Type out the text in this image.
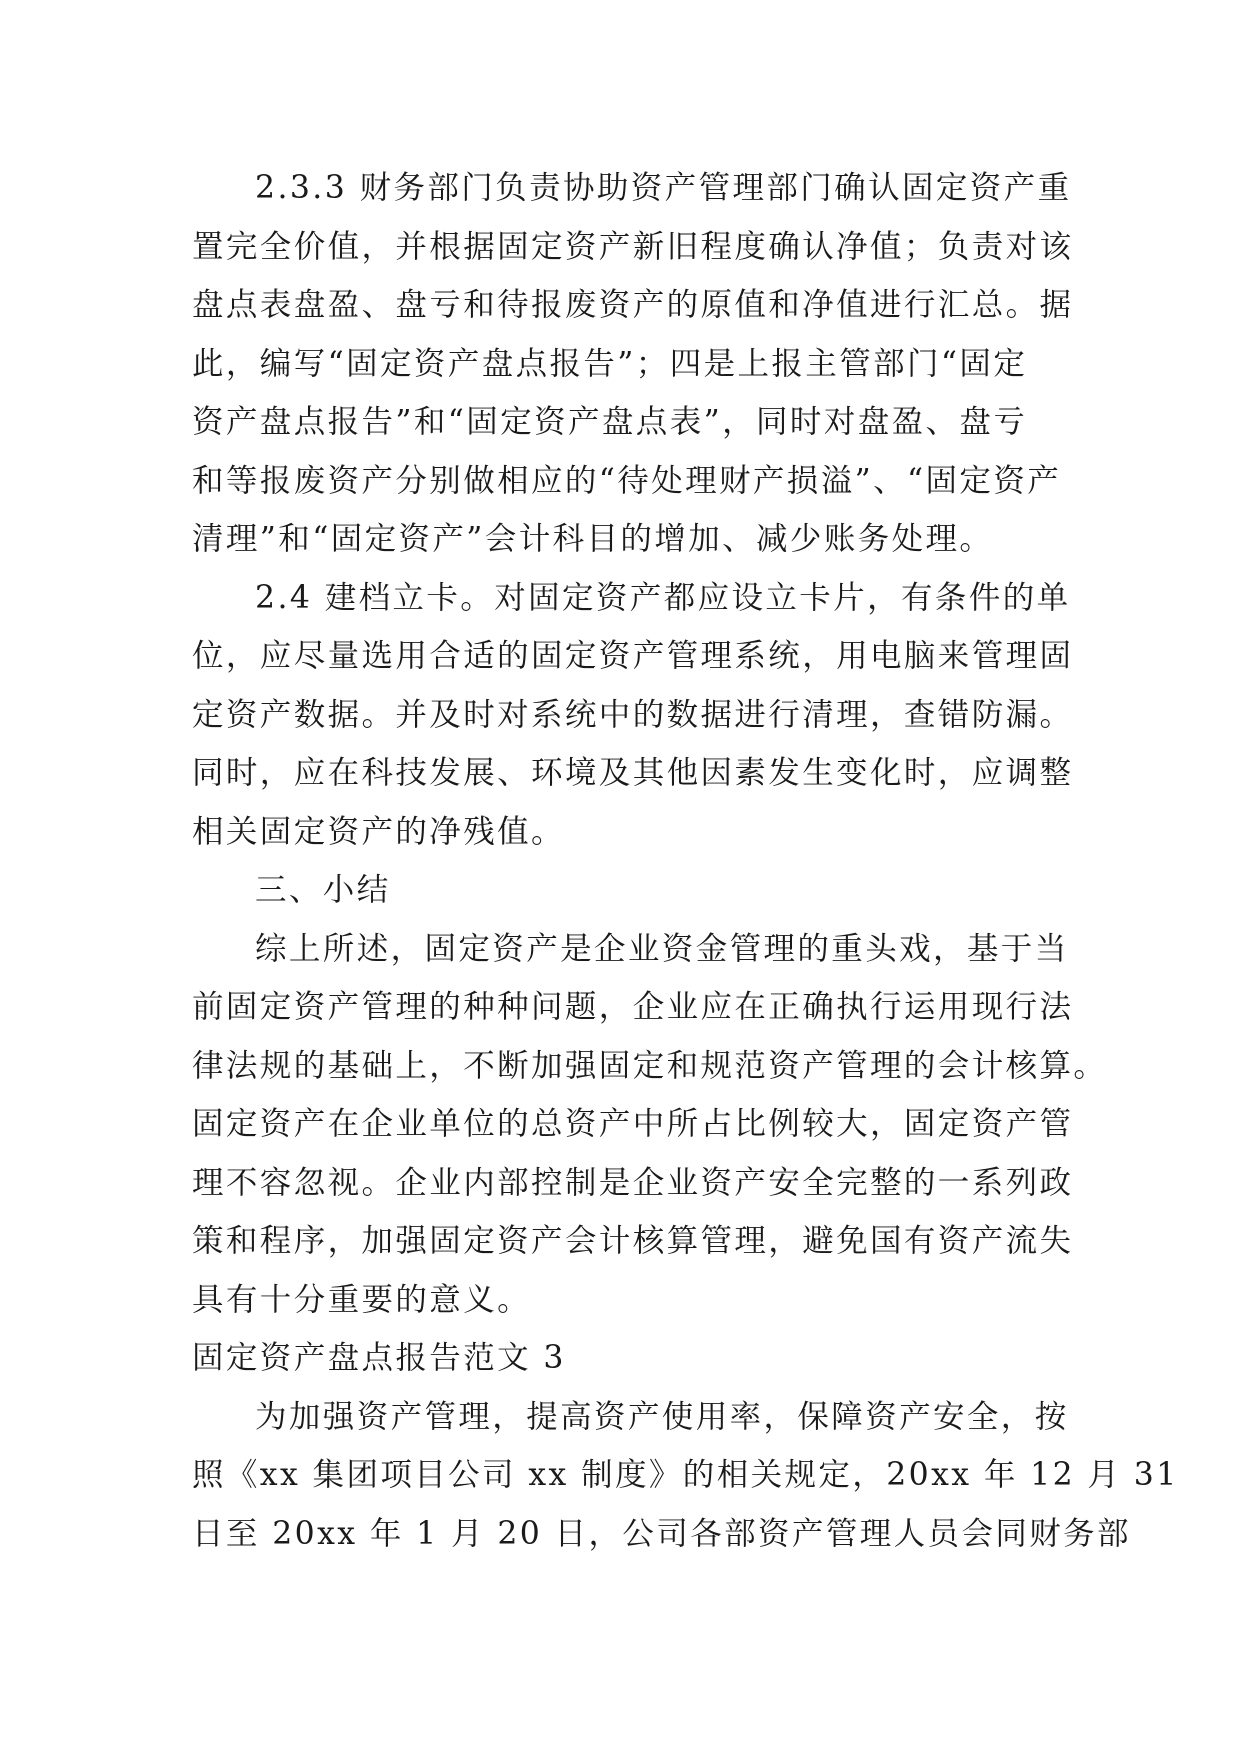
2.3.3 财务部门负责协助资产管理部门确认固定资产重
置完全价值，并根据固定资产新旧程度确认净值；负责对该
盘点表盘盈、盘亏和待报废资产的原值和净值进行汇总。据
此，编写“固定资产盘点报告”；四是上报主管部门“固定
资产盘点报告”和“固定资产盘点表”，同时对盘盈、盘亏
和等报废资产分别做相应的“待处理财产损溢”、“固定资产
清理”和“固定资产”会计科目的增加、减少账务处理。
2.4 建档立卡。对固定资产都应设立卡片，有条件的单
位，应尽量选用合适的固定资产管理系统，用电脑来管理固
定资产数据。并及时对系统中的数据进行清理，查错防漏。
同时，应在科技发展、环境及其他因素发生变化时，应调整
相关固定资产的净残值。
三、小结
综上所述，固定资产是企业资金管理的重头戏，基于当
前固定资产管理的种种问题，企业应在正确执行运用现行法
律法规的基础上，不断加强固定和规范资产管理的会计核算。
固定资产在企业单位的总资产中所占比例较大，固定资产管
理不容忽视。企业内部控制是企业资产安全完整的一系列政
策和程序，加强固定资产会计核算管理，避免国有资产流失
具有十分重要的意义。
固定资产盘点报告范文 3
为加强资产管理，提高资产使用率，保障资产安全，按
照《xx 集团项目公司 xx 制度》的相关规定，20xx 年 12 月 31
日至 20xx 年 1 月 20 日，公司各部资产管理人员会同财务部
